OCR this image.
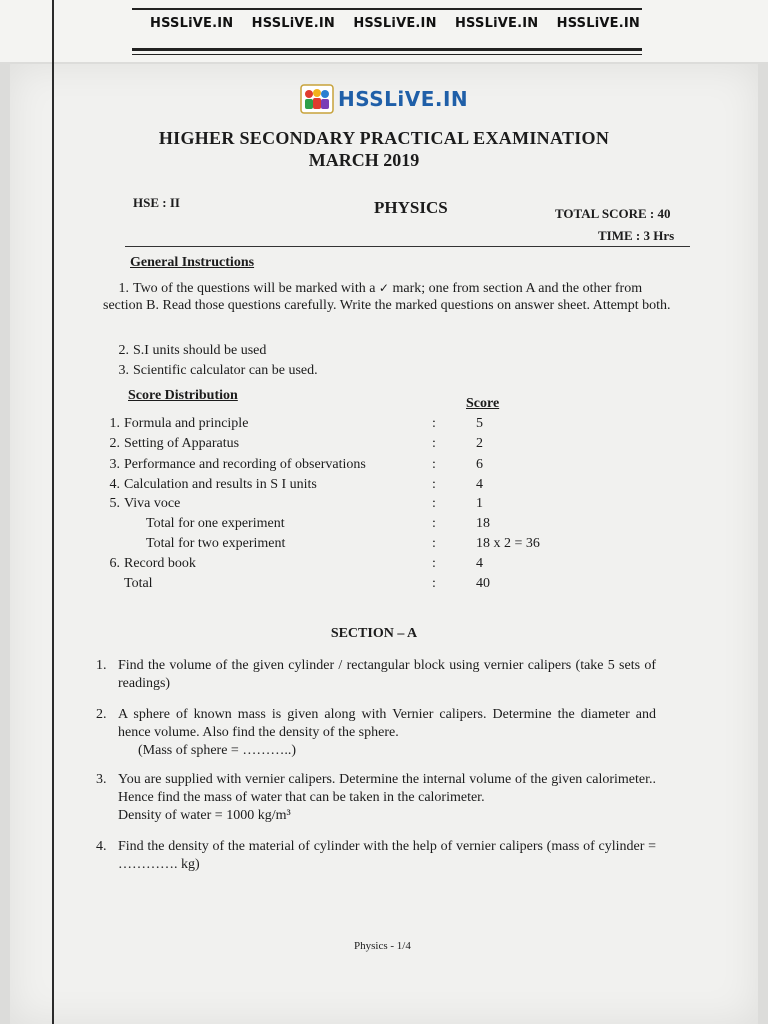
HSSLiVE.IN HSSLiVE.IN HSSLiVE.IN HSSLiVE.IN HSSLiVE.IN
HSSLiVE.IN
HIGHER SECONDARY PRACTICAL EXAMINATION
MARCH 2019
HSE : II	PHYSICS	TOTAL SCORE : 40
TIME : 3 Hrs
General Instructions
1. Two of the questions will be marked with a ✓ mark; one from section A and the other from section B. Read those questions carefully. Write the marked questions on answer sheet. Attempt both.
2. S.I units should be used
3. Scientific calculator can be used.
Score Distribution
Score
1. Formula and principle	:	5
2. Setting of Apparatus	:	2
3. Performance and recording of observations	:	6
4. Calculation and results in S I units	:	4
5. Viva voce	:	1
Total for one experiment	:	18
Total for two experiment	:	18 x 2 = 36
6. Record book	:	4
Total	:	40
SECTION – A
1. Find the volume of the given cylinder / rectangular block using vernier calipers (take 5 sets of readings)
2. A sphere of known mass is given along with Vernier calipers. Determine the diameter and hence volume. Also find the density of the sphere.
(Mass of sphere = ………..)
3. You are supplied with vernier calipers. Determine the internal volume of the given calorimeter.. Hence find the mass of water that can be taken in the calorimeter.
Density of water = 1000 kg/m³
4. Find the density of the material of cylinder with the help of vernier calipers (mass of cylinder = …………. kg)
Physics - 1/4
